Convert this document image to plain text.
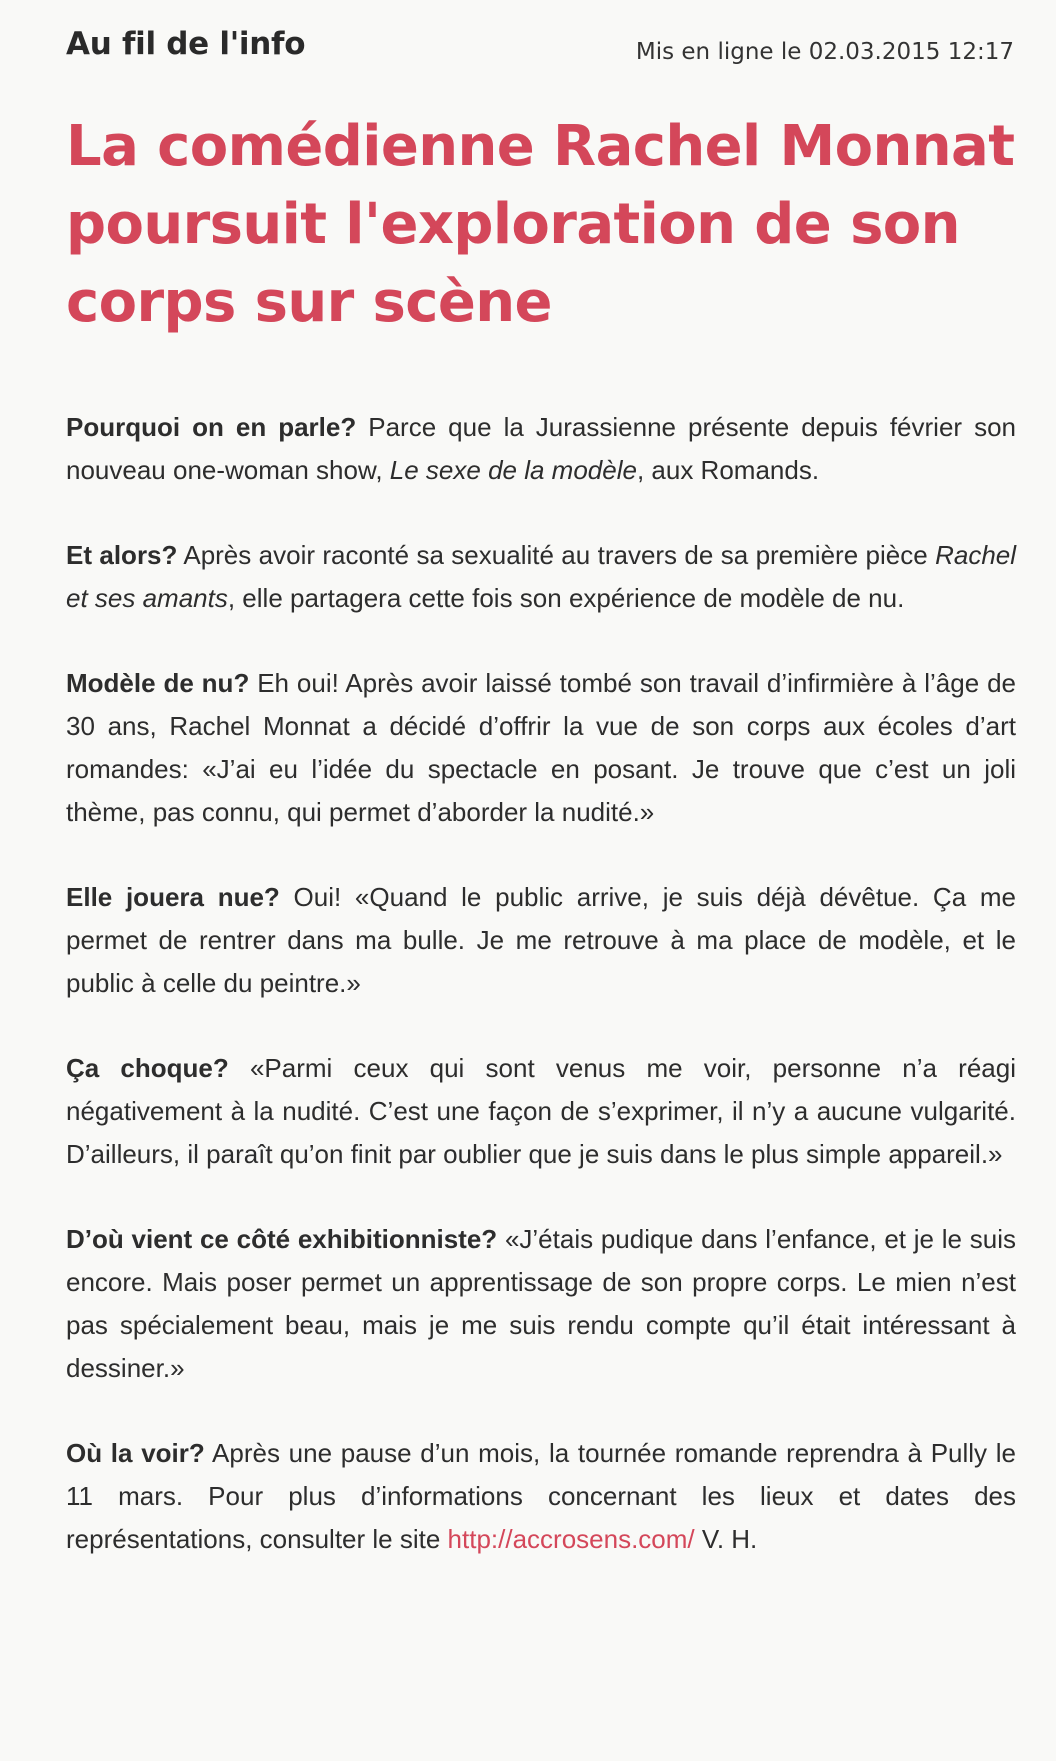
Au fil de l'info	Mis en ligne le 02.03.2015 12:17
La comédienne Rachel Monnat poursuit l'exploration de son corps sur scène

Pourquoi on en parle? Parce que la Jurassienne présente depuis février son nouveau one-woman show, Le sexe de la modèle, aux Romands.

Et alors? Après avoir raconté sa sexualité au travers de sa première pièce Rachel et ses amants, elle partagera cette fois son expérience de modèle de nu.

Modèle de nu? Eh oui! Après avoir laissé tombé son travail d’infirmière à l’âge de 30 ans, Rachel Monnat a décidé d’offrir la vue de son corps aux écoles d’art romandes: «J’ai eu l’idée du spectacle en posant. Je trouve que c’est un joli thème, pas connu, qui permet d’aborder la nudité.»

Elle jouera nue? Oui! «Quand le public arrive, je suis déjà dévêtue. Ça me permet de rentrer dans ma bulle. Je me retrouve à ma place de modèle, et le public à celle du peintre.»

Ça choque? «Parmi ceux qui sont venus me voir, personne n’a réagi négativement à la nudité. C’est une façon de s’exprimer, il n’y a aucune vulgarité. D’ailleurs, il paraît qu’on finit par oublier que je suis dans le plus simple appareil.»

D’où vient ce côté exhibitionniste? «J’étais pudique dans l’enfance, et je le suis encore. Mais poser permet un apprentissage de son propre corps. Le mien n’est pas spécialement beau, mais je me suis rendu compte qu’il était intéressant à dessiner.»

Où la voir? Après une pause d’un mois, la tournée romande reprendra à Pully le 11 mars. Pour plus d’informations concernant les lieux et dates des représentations, consulter le site http://accrosens.com/ V. H.
